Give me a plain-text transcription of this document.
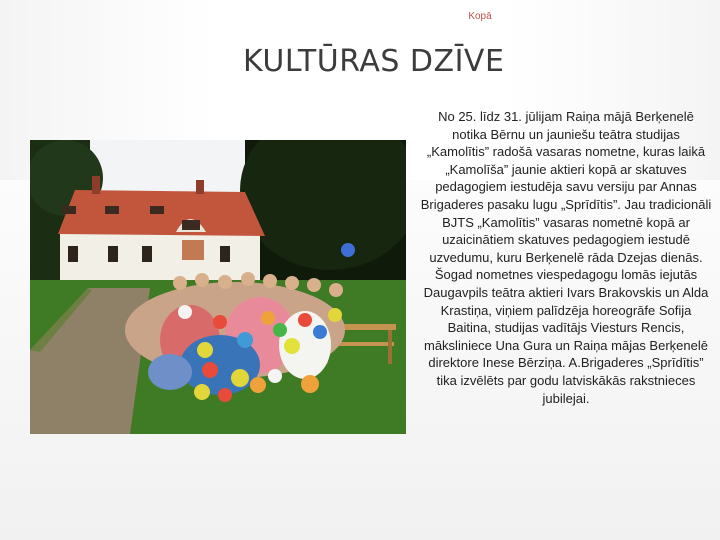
Kopā
KULTŪRAS DZĪVE
No 25. līdz 31. jūlijam Raiņa mājā Berķenelē notika Bērnu un jauniešu teātra studijas „Kamolītis” radošā vasaras nometne, kuras laikā „Kamolīša” jaunie aktieri kopā ar skatuves pedagogiem iestudēja savu versiju par Annas Brigaderes pasaku lugu „Sprīdītis”. Jau tradicionāli BJTS „Kamolītis” vasaras nometnē kopā ar uzaicinātiem skatuves pedagogiem iestudē uzvedumu, kuru Berķenelē rāda Dzejas dienās. Šogad nometnes viespedagogu lomās iejutās Daugavpils teātra aktieri Ivars Brakovskis un Alda Krastiņa, viņiem palīdzēja horeogrāfe Sofija Baitina, studijas vadītājs Viesturs Rencis, māksliniece Una Gura un Raiņa mājas Berķenelē direktore Inese Bērziņa. A.Brigaderes „Sprīdītis” tika izvēlēts par godu latviskākās rakstnieces jubilejai.
